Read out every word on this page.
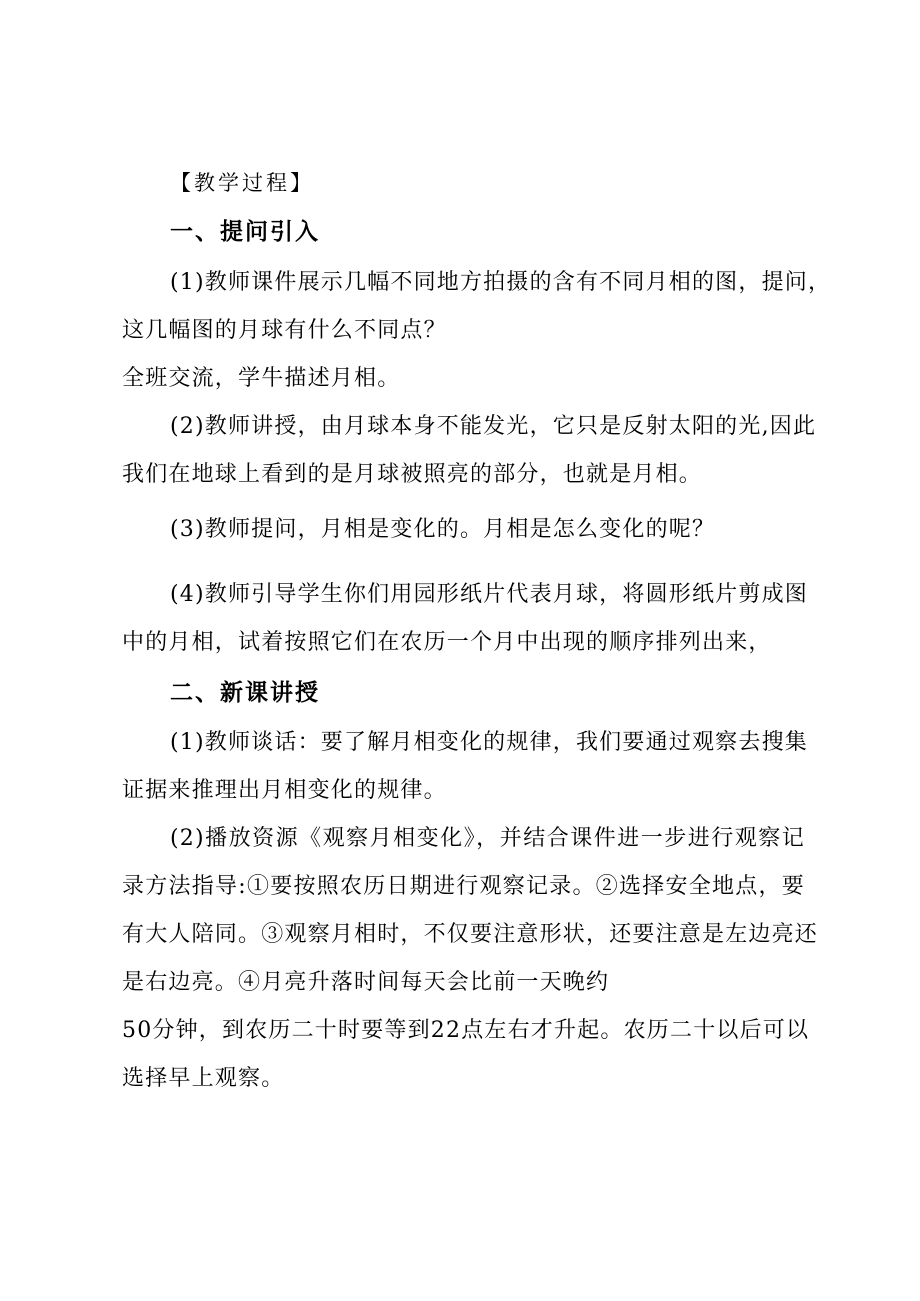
【教学过程】
一、提问引入
(1)教师课件展示几幅不同地方拍摄的含有不同月相的图，提问，
这几幅图的月球有什么不同点？
全班交流，学牛描述月相。
(2)教师讲授，由月球本身不能发光，它只是反射太阳的光,因此
我们在地球上看到的是月球被照亮的部分，也就是月相。
(3)教师提问，月相是变化的。月相是怎么变化的呢？
(4)教师引导学生你们用园形纸片代表月球，将圆形纸片剪成图
中的月相，试着按照它们在农历一个月中出现的顺序排列出来，
二、新课讲授
(1)教师谈话：要了解月相变化的规律，我们要通过观察去搜集
证据来推理出月相变化的规律。
(2)播放资源《观察月相变化》，并结合课件进一步进行观察记
录方法指导:①要按照农历日期进行观察记录。②选择安全地点，要
有大人陪同。③观察月相时，不仅要注意形状，还要注意是左边亮还
是右边亮。④月亮升落时间每天会比前一天晚约
50分钟，到农历二十时要等到22点左右才升起。农历二十以后可以
选择早上观察。
